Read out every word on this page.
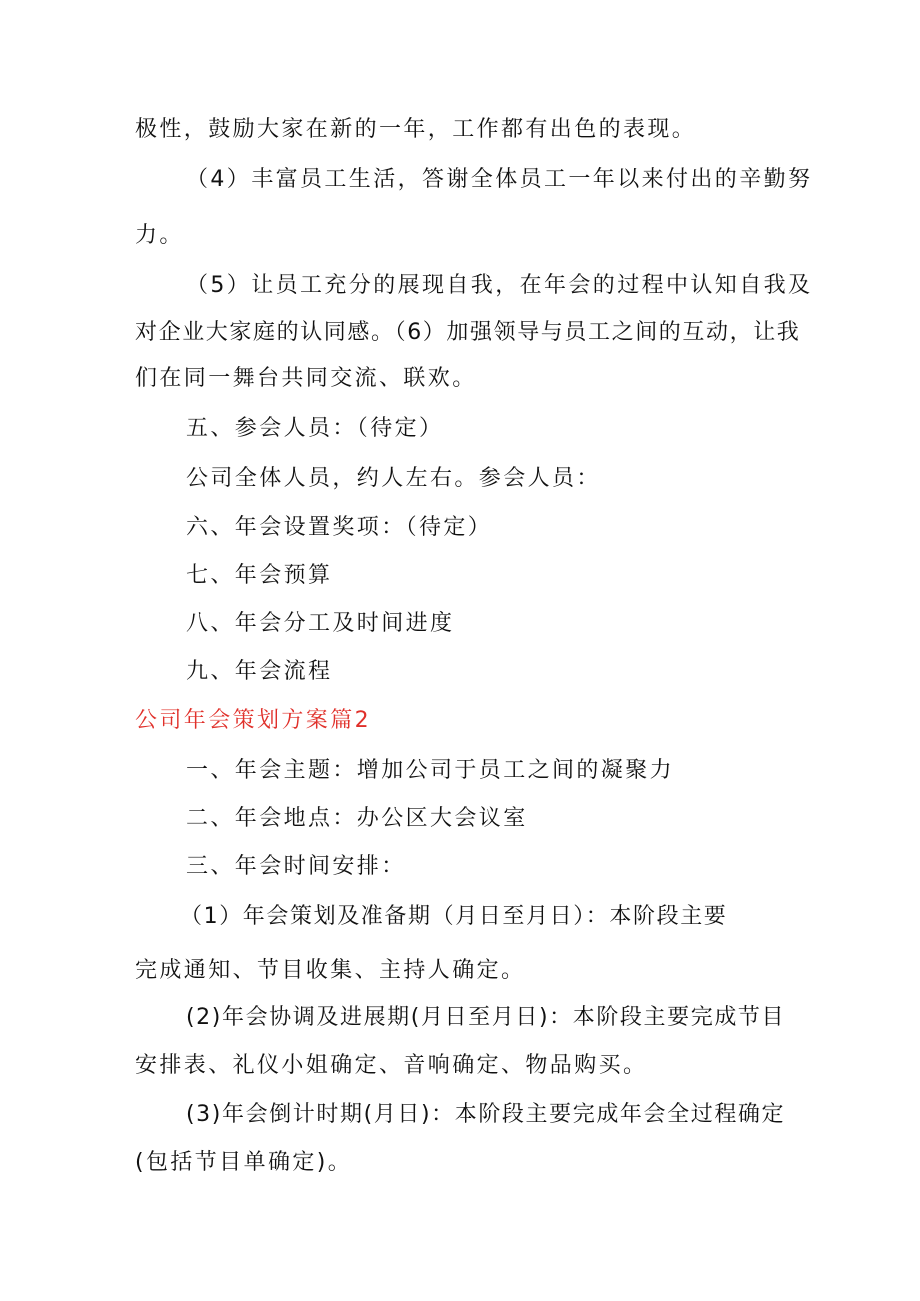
极性，鼓励大家在新的一年，工作都有出色的表现。
（4）丰富员工生活，答谢全体员工一年以来付出的辛勤努
力。
（5）让员工充分的展现自我，在年会的过程中认知自我及
对企业大家庭的认同感。（6）加强领导与员工之间的互动，让我
们在同一舞台共同交流、联欢。
五、参会人员：（待定）
公司全体人员，约人左右。参会人员：
六、年会设置奖项：（待定）
七、年会预算
八、年会分工及时间进度
九、年会流程
公司年会策划方案篇2
一、年会主题：增加公司于员工之间的凝聚力
二、年会地点：办公区大会议室
三、年会时间安排：
（1）年会策划及准备期（月日至月日）：本阶段主要
完成通知、节目收集、主持人确定。
(2)年会协调及进展期(月日至月日)：本阶段主要完成节目
安排表、礼仪小姐确定、音响确定、物品购买。
(3)年会倒计时期(月日)：本阶段主要完成年会全过程确定
(包括节目单确定)。
